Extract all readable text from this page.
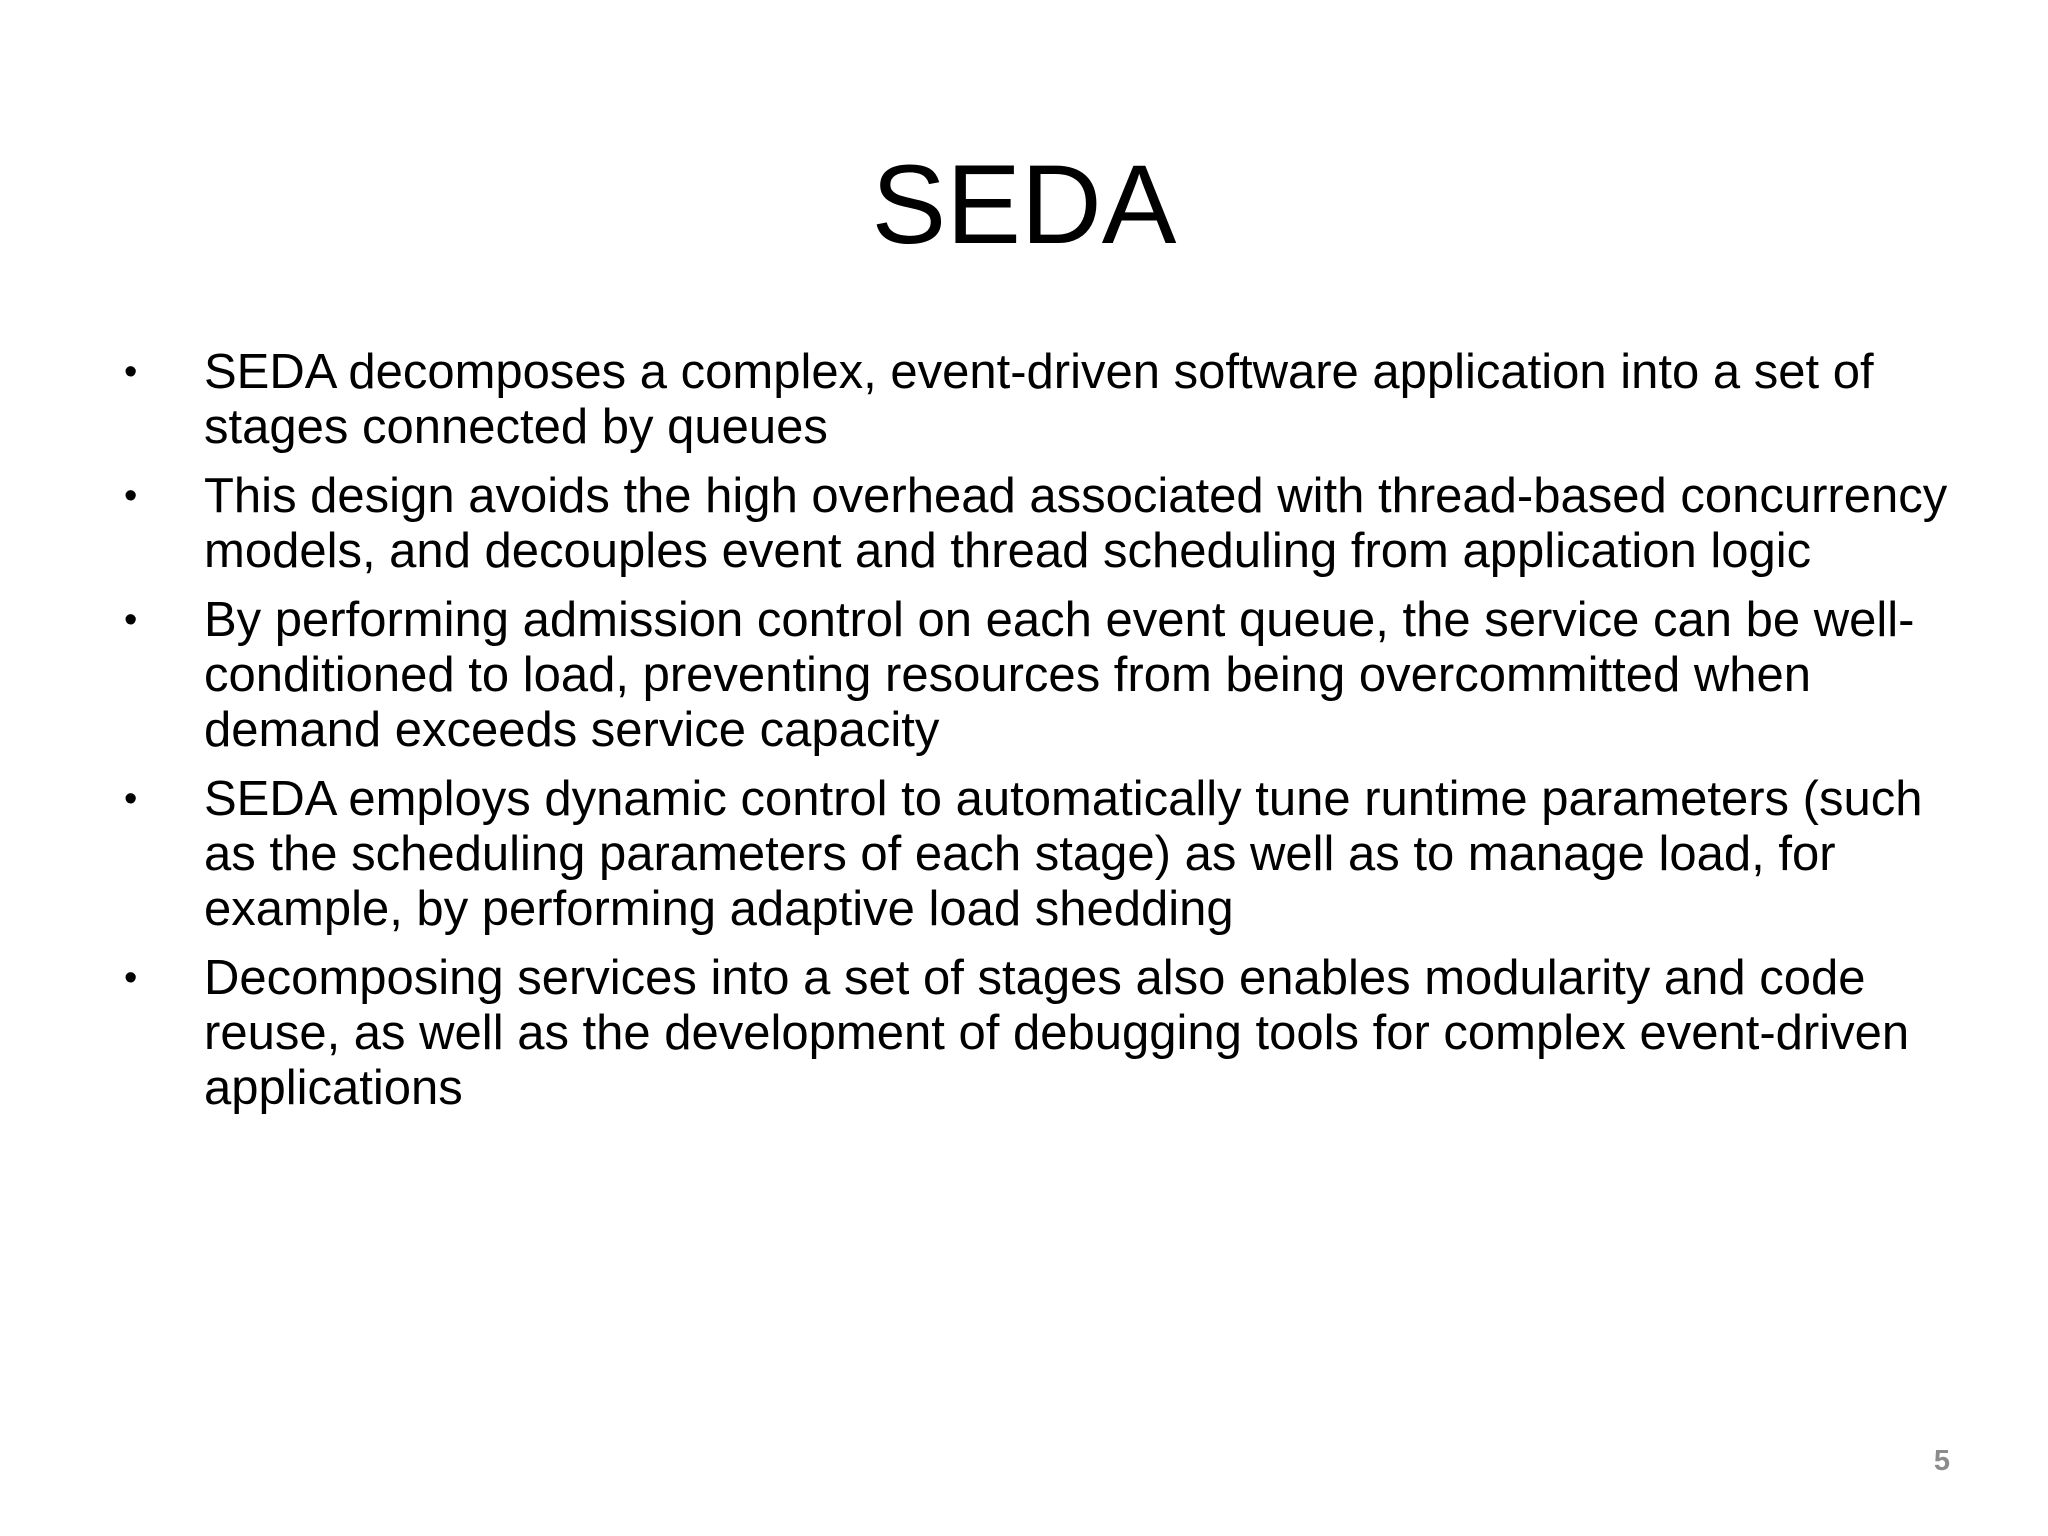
SEDA
•	SEDA decomposes a complex, event-driven software application into a set of stages connected by queues
•	This design avoids the high overhead associated with thread-based concurrency models, and decouples event and thread scheduling from application logic
•	By performing admission control on each event queue, the service can be well-conditioned to load, preventing resources from being overcommitted when demand exceeds service capacity
•	SEDA employs dynamic control to automatically tune runtime parameters (such as the scheduling parameters of each stage) as well as to manage load, for example, by performing adaptive load shedding
•	Decomposing services into a set of stages also enables modularity and code reuse, as well as the development of debugging tools for complex event-driven applications
5
